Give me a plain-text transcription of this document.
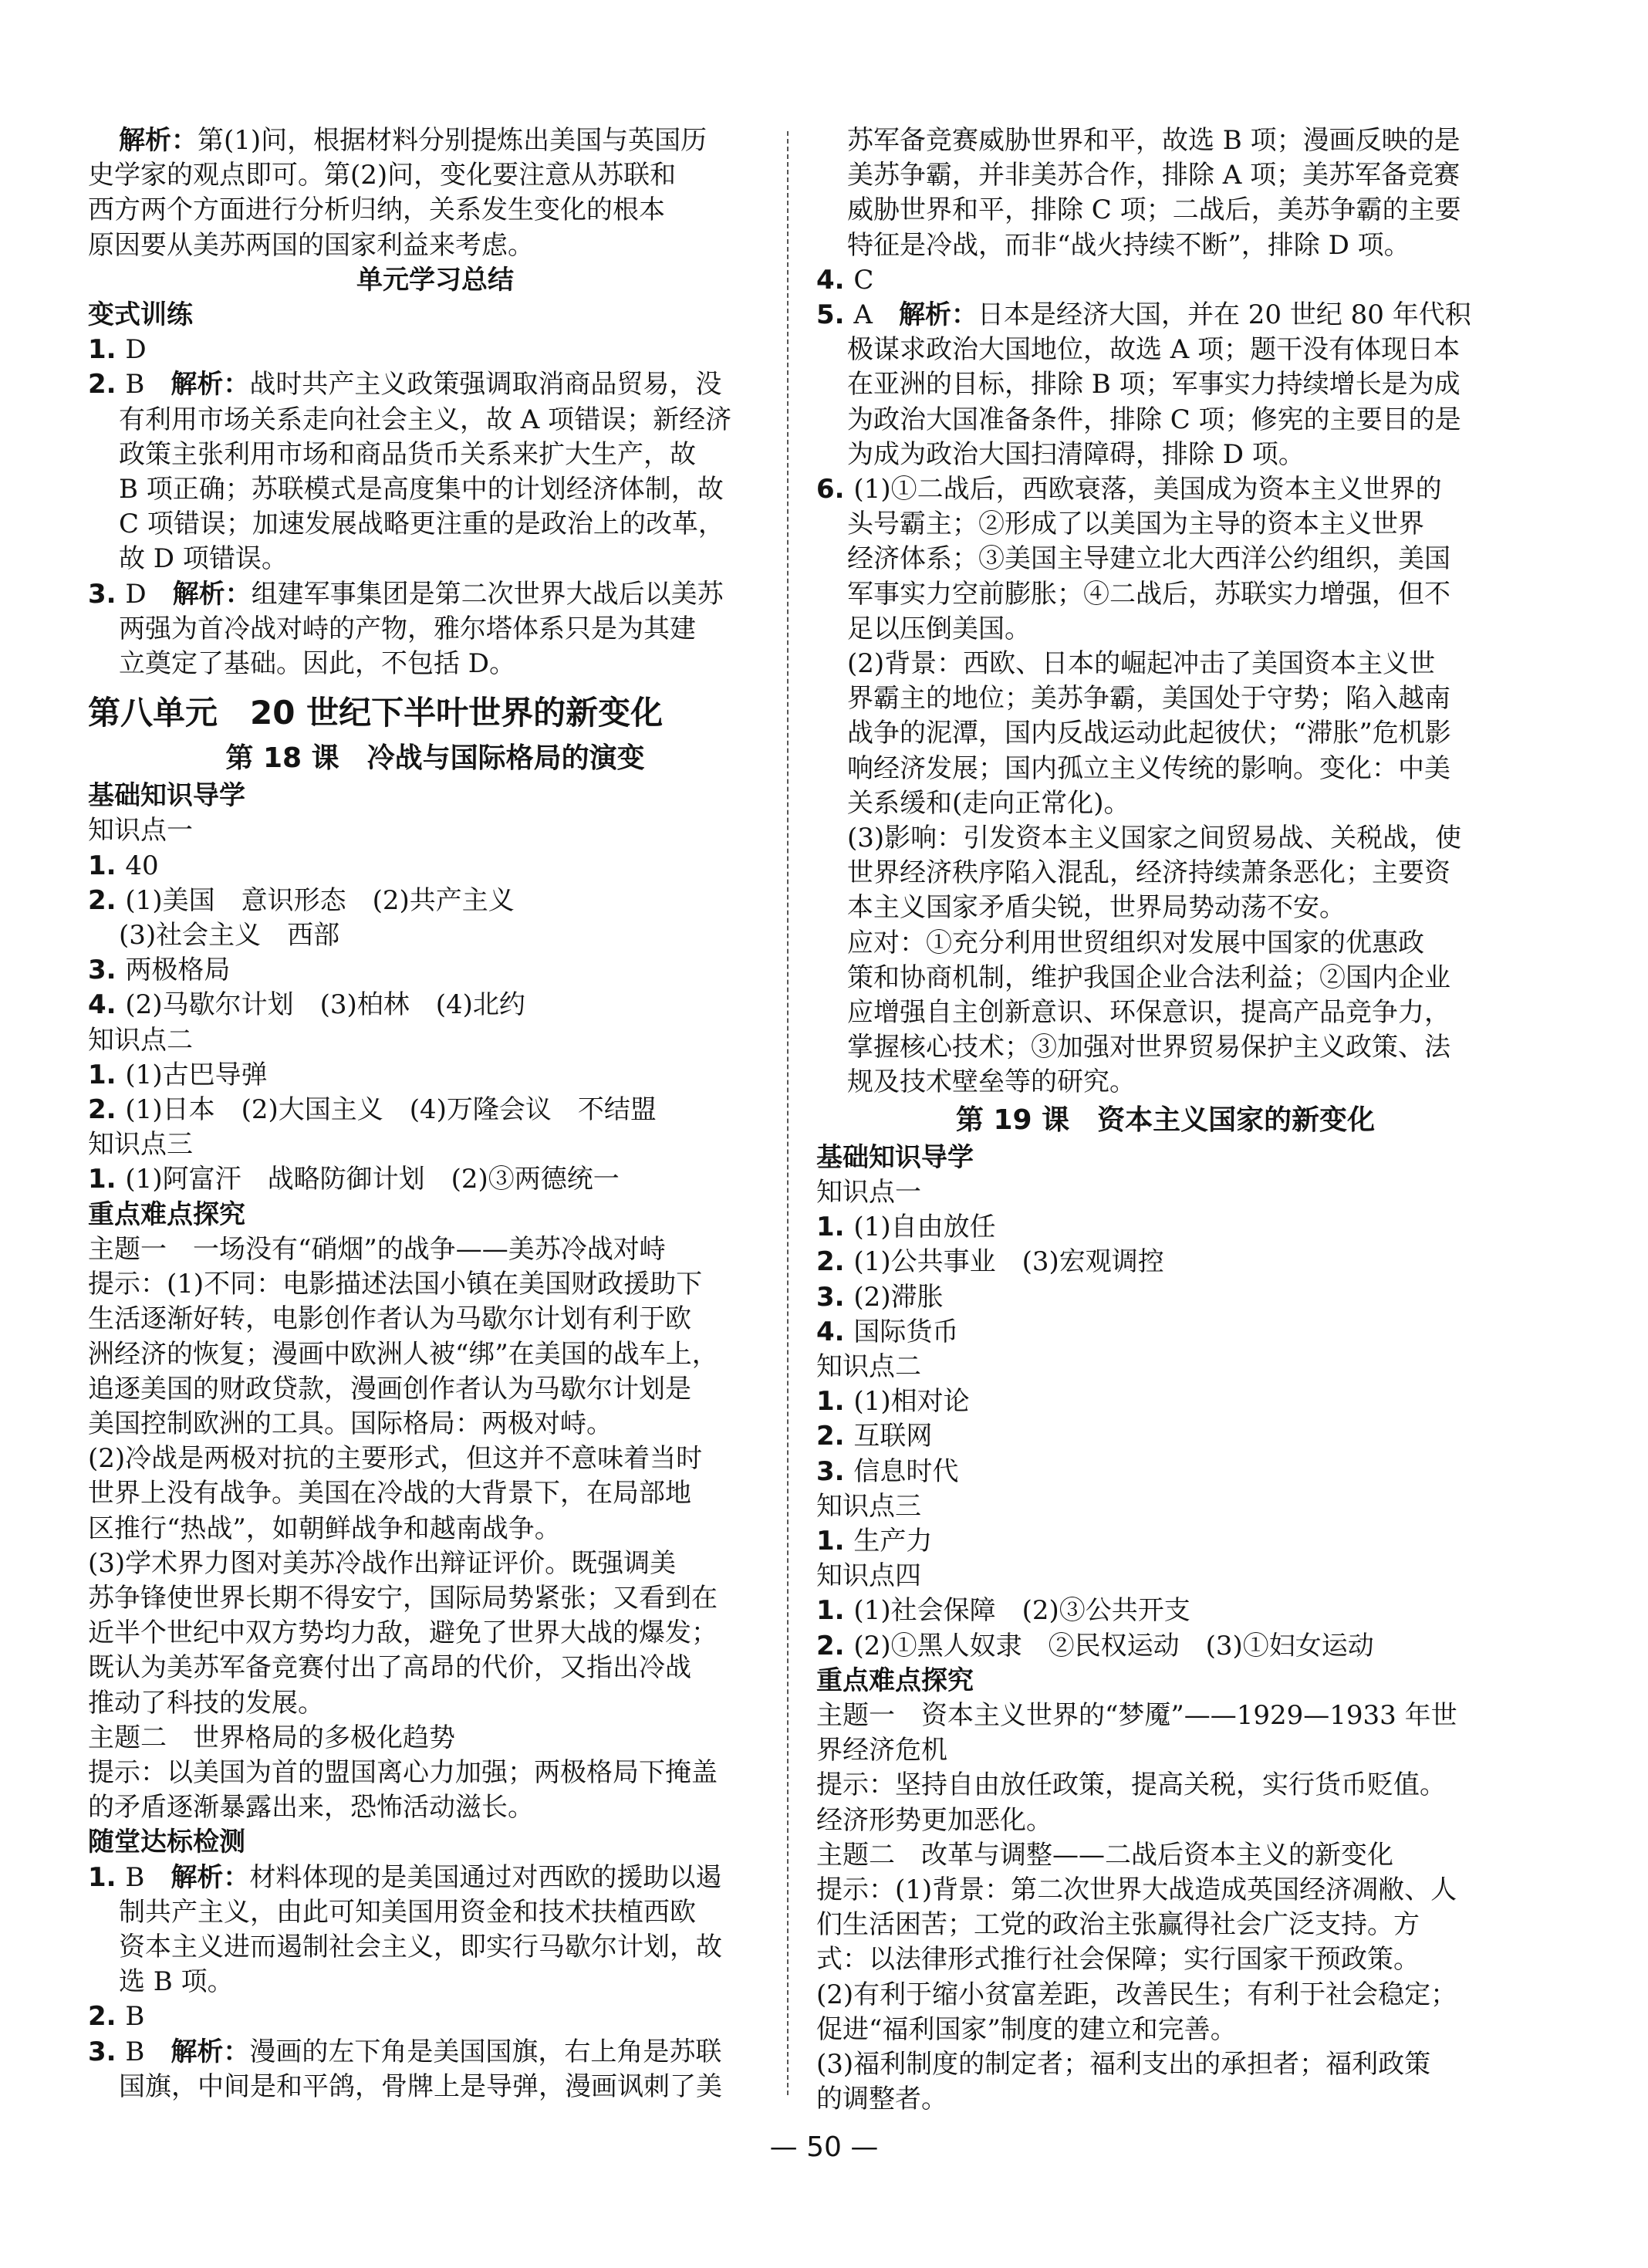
解析：第(1)问，根据材料分别提炼出美国与英国历
史学家的观点即可。第(2)问，变化要注意从苏联和
西方两个方面进行分析归纳，关系发生变化的根本
原因要从美苏两国的国家利益来考虑。
单元学习总结
变式训练
1. D
2. B　解析：战时共产主义政策强调取消商品贸易，没
有利用市场关系走向社会主义，故 A 项错误；新经济
政策主张利用市场和商品货币关系来扩大生产，故
B 项正确；苏联模式是高度集中的计划经济体制，故
C 项错误；加速发展战略更注重的是政治上的改革，
故 D 项错误。
3. D　解析：组建军事集团是第二次世界大战后以美苏
两强为首冷战对峙的产物，雅尔塔体系只是为其建
立奠定了基础。因此，不包括 D。
第八单元　20 世纪下半叶世界的新变化
第 18 课　冷战与国际格局的演变
基础知识导学
知识点一
1. 40
2. (1)美国　意识形态　(2)共产主义
(3)社会主义　西部
3. 两极格局
4. (2)马歇尔计划　(3)柏林　(4)北约
知识点二
1. (1)古巴导弹
2. (1)日本　(2)大国主义　(4)万隆会议　不结盟
知识点三
1. (1)阿富汗　战略防御计划　(2)③两德统一
重点难点探究
主题一　一场没有“硝烟”的战争——美苏冷战对峙
提示：(1)不同：电影描述法国小镇在美国财政援助下
生活逐渐好转，电影创作者认为马歇尔计划有利于欧
洲经济的恢复；漫画中欧洲人被“绑”在美国的战车上，
追逐美国的财政贷款，漫画创作者认为马歇尔计划是
美国控制欧洲的工具。国际格局：两极对峙。
(2)冷战是两极对抗的主要形式，但这并不意味着当时
世界上没有战争。美国在冷战的大背景下，在局部地
区推行“热战”，如朝鲜战争和越南战争。
(3)学术界力图对美苏冷战作出辩证评价。既强调美
苏争锋使世界长期不得安宁，国际局势紧张；又看到在
近半个世纪中双方势均力敌，避免了世界大战的爆发；
既认为美苏军备竞赛付出了高昂的代价，又指出冷战
推动了科技的发展。
主题二　世界格局的多极化趋势
提示：以美国为首的盟国离心力加强；两极格局下掩盖
的矛盾逐渐暴露出来，恐怖活动滋长。
随堂达标检测
1. B　解析：材料体现的是美国通过对西欧的援助以遏
制共产主义，由此可知美国用资金和技术扶植西欧
资本主义进而遏制社会主义，即实行马歇尔计划，故
选 B 项。
2. B
3. B　解析：漫画的左下角是美国国旗，右上角是苏联
国旗，中间是和平鸽，骨牌上是导弹，漫画讽刺了美
苏军备竞赛威胁世界和平，故选 B 项；漫画反映的是
美苏争霸，并非美苏合作，排除 A 项；美苏军备竞赛
威胁世界和平，排除 C 项；二战后，美苏争霸的主要
特征是冷战，而非“战火持续不断”，排除 D 项。
4. C
5. A　解析：日本是经济大国，并在 20 世纪 80 年代积
极谋求政治大国地位，故选 A 项；题干没有体现日本
在亚洲的目标，排除 B 项；军事实力持续增长是为成
为政治大国准备条件，排除 C 项；修宪的主要目的是
为成为政治大国扫清障碍，排除 D 项。
6. (1)①二战后，西欧衰落，美国成为资本主义世界的
头号霸主；②形成了以美国为主导的资本主义世界
经济体系；③美国主导建立北大西洋公约组织，美国
军事实力空前膨胀；④二战后，苏联实力增强，但不
足以压倒美国。
(2)背景：西欧、日本的崛起冲击了美国资本主义世
界霸主的地位；美苏争霸，美国处于守势；陷入越南
战争的泥潭，国内反战运动此起彼伏；“滞胀”危机影
响经济发展；国内孤立主义传统的影响。变化：中美
关系缓和(走向正常化)。
(3)影响：引发资本主义国家之间贸易战、关税战，使
世界经济秩序陷入混乱，经济持续萧条恶化；主要资
本主义国家矛盾尖锐，世界局势动荡不安。
应对：①充分利用世贸组织对发展中国家的优惠政
策和协商机制，维护我国企业合法利益；②国内企业
应增强自主创新意识、环保意识，提高产品竞争力，
掌握核心技术；③加强对世界贸易保护主义政策、法
规及技术壁垒等的研究。
第 19 课　资本主义国家的新变化
基础知识导学
知识点一
1. (1)自由放任
2. (1)公共事业　(3)宏观调控
3. (2)滞胀
4. 国际货币
知识点二
1. (1)相对论
2. 互联网
3. 信息时代
知识点三
1. 生产力
知识点四
1. (1)社会保障　(2)③公共开支
2. (2)①黑人奴隶　②民权运动　(3)①妇女运动
重点难点探究
主题一　资本主义世界的“梦魇”——1929—1933 年世
界经济危机
提示：坚持自由放任政策，提高关税，实行货币贬值。
经济形势更加恶化。
主题二　改革与调整——二战后资本主义的新变化
提示：(1)背景：第二次世界大战造成英国经济凋敝、人
们生活困苦；工党的政治主张赢得社会广泛支持。方
式：以法律形式推行社会保障；实行国家干预政策。
(2)有利于缩小贫富差距，改善民生；有利于社会稳定；
促进“福利国家”制度的建立和完善。
(3)福利制度的制定者；福利支出的承担者；福利政策
的调整者。
— 50 —
